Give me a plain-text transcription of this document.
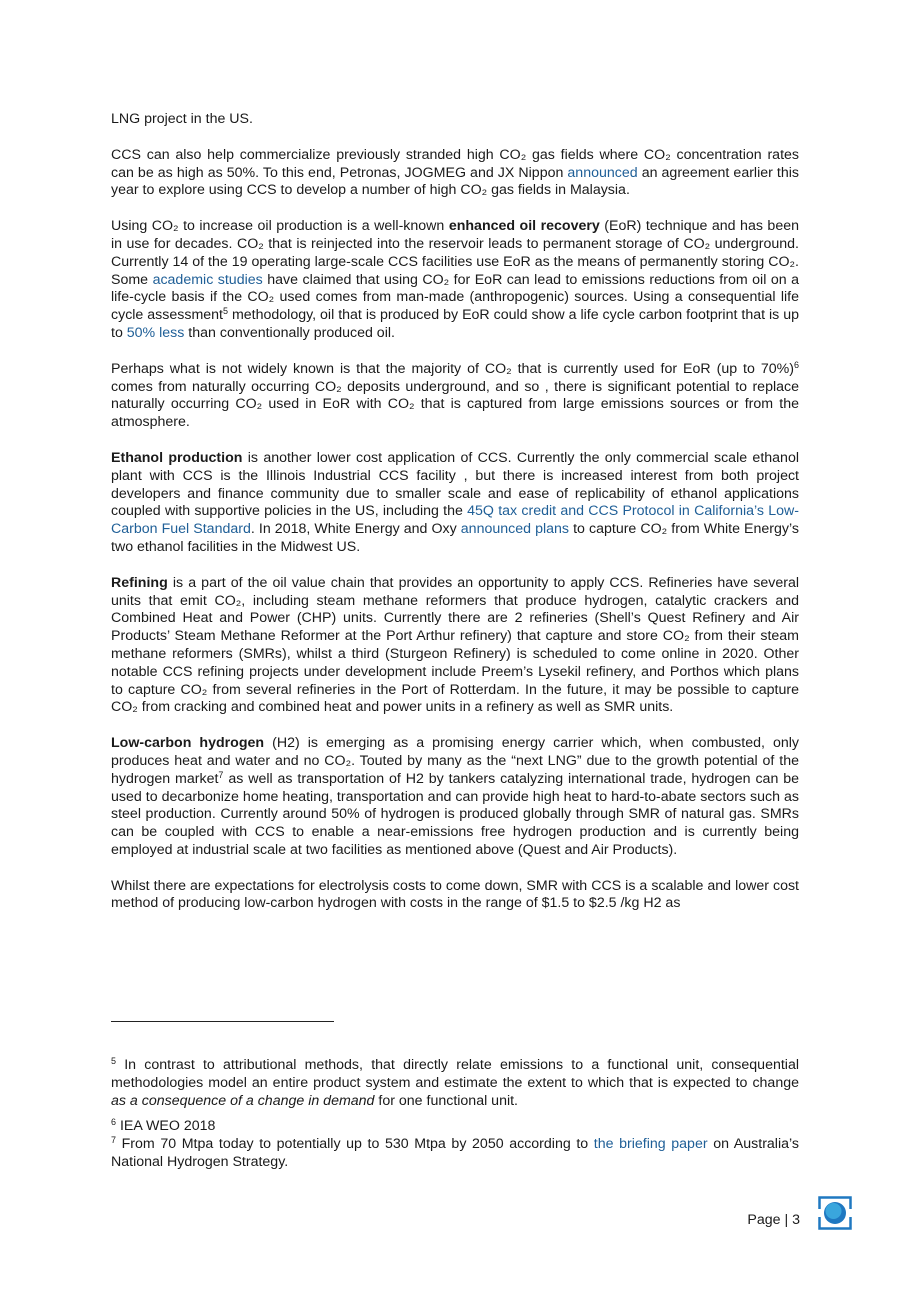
LNG project in the US.

CCS can also help commercialize previously stranded high CO₂ gas fields where CO₂ concentration rates can be as high as 50%. To this end, Petronas, JOGMEG and JX Nippon announced an agreement earlier this year to explore using CCS to develop a number of high CO₂ gas fields in Malaysia.

Using CO₂ to increase oil production is a well-known enhanced oil recovery (EoR) technique and has been in use for decades. CO₂ that is reinjected into the reservoir leads to permanent storage of CO₂ underground. Currently 14 of the 19 operating large-scale CCS facilities use EoR as the means of permanently storing CO₂. Some academic studies have claimed that using CO₂ for EoR can lead to emissions reductions from oil on a life-cycle basis if the CO₂ used comes from man-made (anthropogenic) sources. Using a consequential life cycle assessment$^5$ methodology, oil that is produced by EoR could show a life cycle carbon footprint that is up to 50% less than conventionally produced oil.

Perhaps what is not widely known is that the majority of CO₂ that is currently used for EoR (up to 70%)$^6$ comes from naturally occurring CO₂ deposits underground, and so , there is significant potential to replace naturally occurring CO₂ used in EoR with CO₂ that is captured from large emissions sources or from the atmosphere.

Ethanol production is another lower cost application of CCS. Currently the only commercial scale ethanol plant with CCS is the Illinois Industrial CCS facility , but there is increased interest from both project developers and finance community due to smaller scale and ease of replicability of ethanol applications coupled with supportive policies in the US, including the 45Q tax credit and CCS Protocol in California’s Low-Carbon Fuel Standard. In 2018, White Energy and Oxy announced plans to capture CO₂ from White Energy’s two ethanol facilities in the Midwest US.

Refining is a part of the oil value chain that provides an opportunity to apply CCS. Refineries have several units that emit CO₂, including steam methane reformers that produce hydrogen, catalytic crackers and Combined Heat and Power (CHP) units. Currently there are 2 refineries (Shell’s Quest Refinery and Air Products’ Steam Methane Reformer at the Port Arthur refinery) that capture and store CO₂ from their steam methane reformers (SMRs), whilst a third (Sturgeon Refinery) is scheduled to come online in 2020. Other notable CCS refining projects under development include Preem’s Lysekil refinery, and Porthos which plans to capture CO₂ from several refineries in the Port of Rotterdam. In the future, it may be possible to capture CO₂ from cracking and combined heat and power units in a refinery as well as SMR units.

Low-carbon hydrogen (H2) is emerging as a promising energy carrier which, when combusted, only produces heat and water and no CO₂. Touted by many as the “next LNG” due to the growth potential of the hydrogen market$^7$ as well as transportation of H2 by tankers catalyzing international trade, hydrogen can be used to decarbonize home heating, transportation and can provide high heat to hard-to-abate sectors such as steel production. Currently around 50% of hydrogen is produced globally through SMR of natural gas. SMRs can be coupled with CCS to enable a near-emissions free hydrogen production and is currently being employed at industrial scale at two facilities as mentioned above (Quest and Air Products).

Whilst there are expectations for electrolysis costs to come down, SMR with CCS is a scalable and lower cost method of producing low-carbon hydrogen with costs in the range of $1.5 to $2.5 /kg H2 as

$^5$ In contrast to attributional methods, that directly relate emissions to a functional unit, consequential methodologies model an entire product system and estimate the extent to which that is expected to change as a consequence of a change in demand for one functional unit.

$^6$ IEA WEO 2018

$^7$ From 70 Mtpa today to potentially up to 530 Mtpa by 2050 according to the briefing paper on Australia’s National Hydrogen Strategy.

Page | 3
